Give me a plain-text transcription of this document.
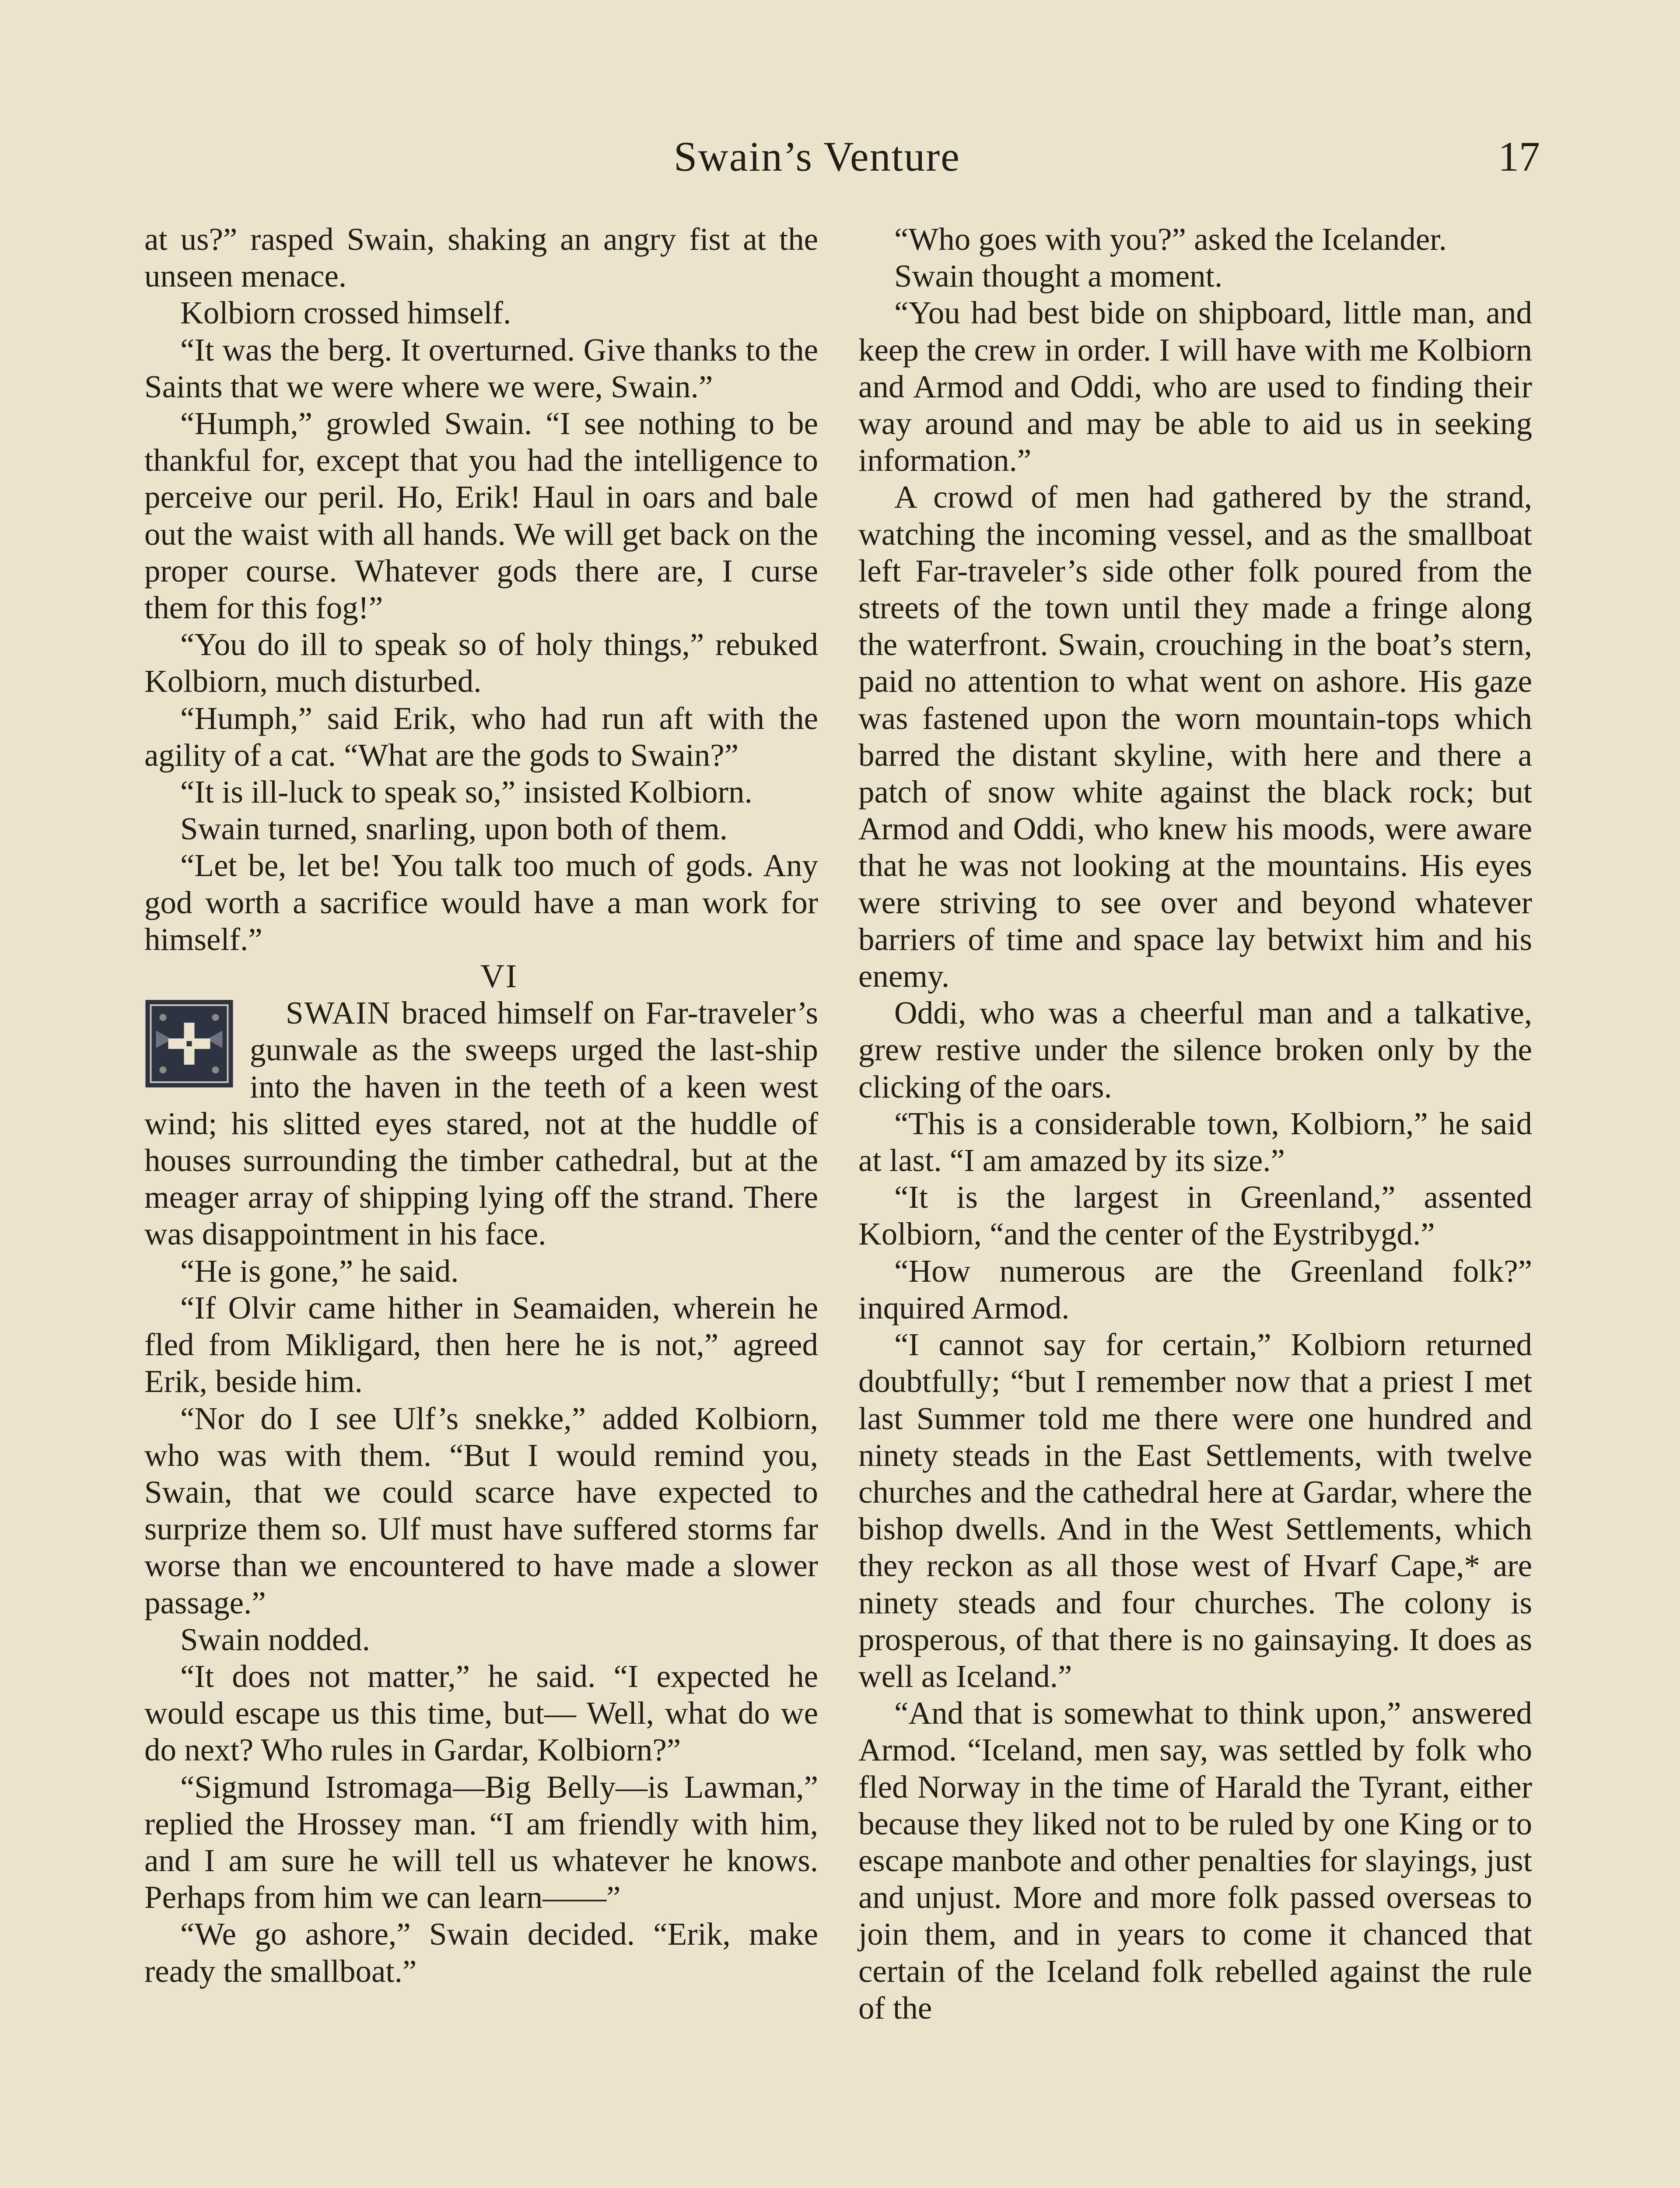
Swain’s Venture	17

at us?” rasped Swain, shaking an angry fist at the unseen menace.

Kolbiorn crossed himself.

“It was the berg. It overturned. Give thanks to the Saints that we were where we were, Swain.”

“Humph,” growled Swain. “I see nothing to be thankful for, except that you had the intelligence to perceive our peril. Ho, Erik! Haul in oars and bale out the waist with all hands. We will get back on the proper course. Whatever gods there are, I curse them for this fog!”

“You do ill to speak so of holy things,” rebuked Kolbiorn, much disturbed.

“Humph,” said Erik, who had run aft with the agility of a cat. “What are the gods to Swain?”

“It is ill-luck to speak so,” insisted Kolbiorn.

Swain turned, snarling, upon both of them.

“Let be, let be! You talk too much of gods. Any god worth a sacrifice would have a man work for himself.”

VI

SWAIN braced himself on Far-traveler’s gunwale as the sweeps urged the last-ship into the haven in the teeth of a keen west wind; his slitted eyes stared, not at the huddle of houses surrounding the timber cathedral, but at the meager array of shipping lying off the strand. There was disappointment in his face.

“He is gone,” he said.

“If Olvir came hither in Seamaiden, wherein he fled from Mikligard, then here he is not,” agreed Erik, beside him.

“Nor do I see Ulf’s snekke,” added Kolbiorn, who was with them. “But I would remind you, Swain, that we could scarce have expected to surprize them so. Ulf must have suffered storms far worse than we encountered to have made a slower passage.”

Swain nodded.

“It does not matter,” he said. “I expected he would escape us this time, but— Well, what do we do next? Who rules in Gardar, Kolbiorn?”

“Sigmund Istromaga—Big Belly—is Lawman,” replied the Hrossey man. “I am friendly with him, and I am sure he will tell us whatever he knows. Perhaps from him we can learn——”

“We go ashore,” Swain decided. “Erik, make ready the smallboat.”

“Who goes with you?” asked the Icelander.

Swain thought a moment.

“You had best bide on shipboard, little man, and keep the crew in order. I will have with me Kolbiorn and Armod and Oddi, who are used to finding their way around and may be able to aid us in seeking information.”

A crowd of men had gathered by the strand, watching the incoming vessel, and as the smallboat left Far-traveler’s side other folk poured from the streets of the town until they made a fringe along the waterfront. Swain, crouching in the boat’s stern, paid no attention to what went on ashore. His gaze was fastened upon the worn mountain-tops which barred the distant skyline, with here and there a patch of snow white against the black rock; but Armod and Oddi, who knew his moods, were aware that he was not looking at the mountains. His eyes were striving to see over and beyond whatever barriers of time and space lay betwixt him and his enemy.

Oddi, who was a cheerful man and a talkative, grew restive under the silence broken only by the clicking of the oars.

“This is a considerable town, Kolbiorn,” he said at last. “I am amazed by its size.”

“It is the largest in Greenland,” assented Kolbiorn, “and the center of the Eystribygd.”

“How numerous are the Greenland folk?” inquired Armod.

“I cannot say for certain,” Kolbiorn returned doubtfully; “but I remember now that a priest I met last Summer told me there were one hundred and ninety steads in the East Settlements, with twelve churches and the cathedral here at Gardar, where the bishop dwells. And in the West Settlements, which they reckon as all those west of Hvarf Cape,* are ninety steads and four churches. The colony is prosperous, of that there is no gainsaying. It does as well as Iceland.”

“And that is somewhat to think upon,” answered Armod. “Iceland, men say, was settled by folk who fled Norway in the time of Harald the Tyrant, either because they liked not to be ruled by one King or to escape manbote and other penalties for slayings, just and unjust. More and more folk passed overseas to join them, and in years to come it chanced that certain of the Iceland folk rebelled against the rule of the
